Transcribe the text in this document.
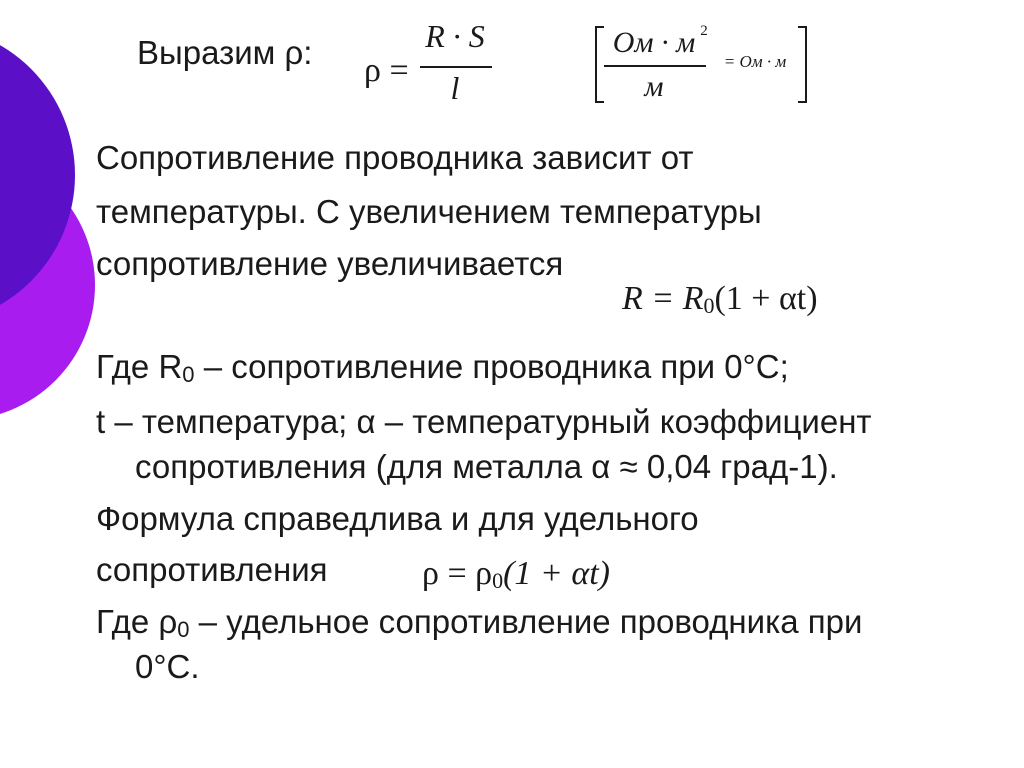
Выразим ρ: ρ =
R · S
l
Ом · м 2
м
= Ом · м
Сопротивление проводника зависит от
температуры. С увеличением температуры
сопротивление увеличивается
$R = R_0(1 + \alpha t)$
Где $R_0$ – сопротивление проводника при 0°C;
t – температура; α – температурный коэффициент
сопротивления (для металла α ≈ 0,04 град-1).
Формула справедлива и для удельного
сопротивления	$\rho = \rho_0(1 + \alpha t)$
Где $\rho_0$ – удельное сопротивление проводника при
0°C.
